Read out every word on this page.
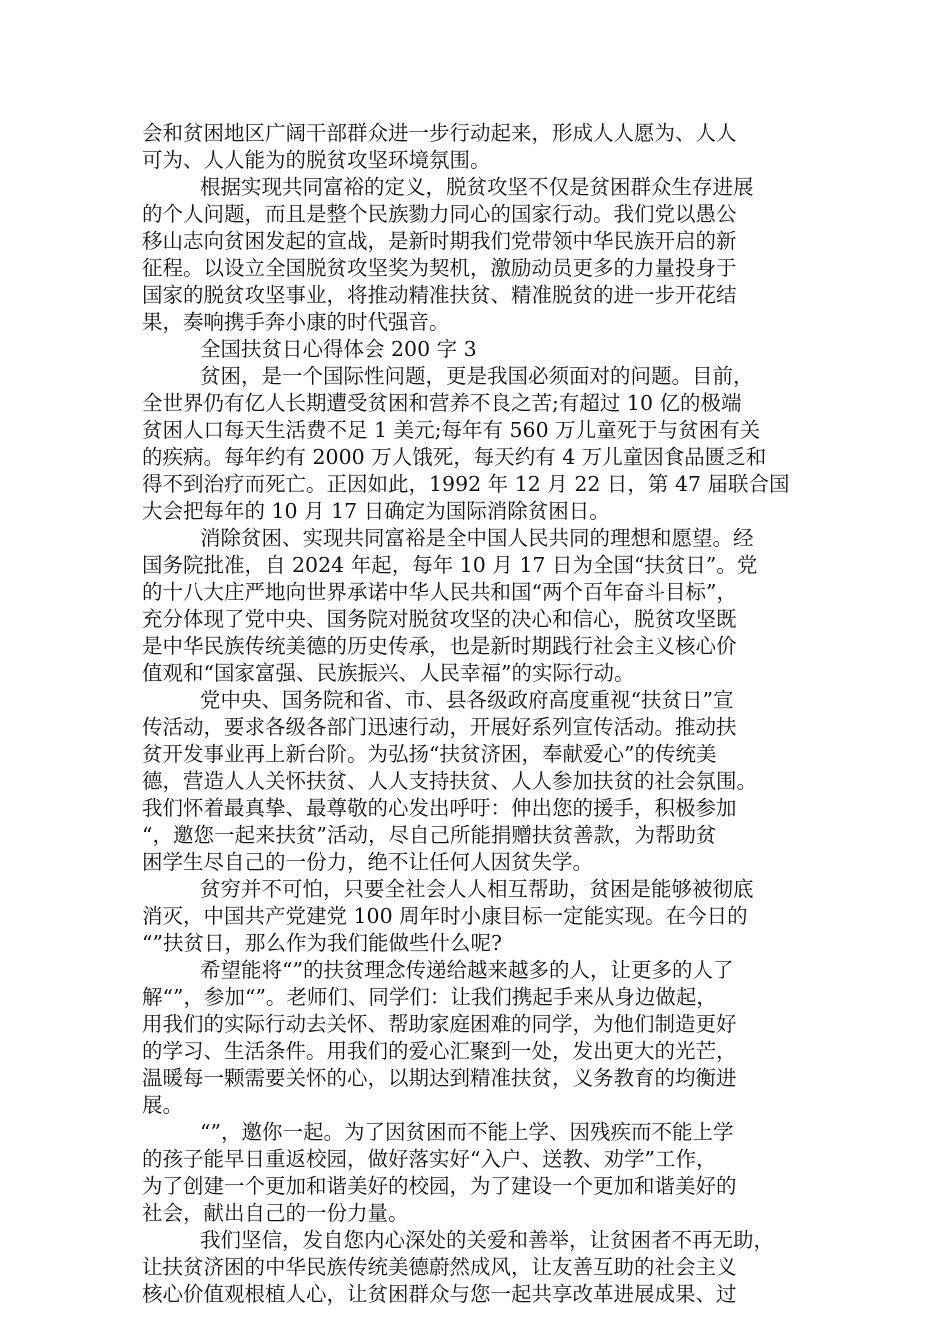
会和贫困地区广阔干部群众进一步行动起来，形成人人愿为、人人
可为、人人能为的脱贫攻坚环境氛围。
根据实现共同富裕的定义，脱贫攻坚不仅是贫困群众生存进展
的个人问题，而且是整个民族勠力同心的国家行动。我们党以愚公
移山志向贫困发起的宣战，是新时期我们党带领中华民族开启的新
征程。以设立全国脱贫攻坚奖为契机，激励动员更多的力量投身于
国家的脱贫攻坚事业，将推动精准扶贫、精准脱贫的进一步开花结
果，奏响携手奔小康的时代强音。
全国扶贫日心得体会 200 字 3
贫困，是一个国际性问题，更是我国必须面对的问题。目前，
全世界仍有亿人长期遭受贫困和营养不良之苦;有超过 10 亿的极端
贫困人口每天生活费不足 1 美元;每年有 560 万儿童死于与贫困有关
的疾病。每年约有 2000 万人饿死，每天约有 4 万儿童因食品匮乏和
得不到治疗而死亡。正因如此，1992 年 12 月 22 日，第 47 届联合国
大会把每年的 10 月 17 日确定为国际消除贫困日。
消除贫困、实现共同富裕是全中国人民共同的理想和愿望。经
国务院批准，自 2024 年起，每年 10 月 17 日为全国“扶贫日”。党
的十八大庄严地向世界承诺中华人民共和国“两个百年奋斗目标”，
充分体现了党中央、国务院对脱贫攻坚的决心和信心，脱贫攻坚既
是中华民族传统美德的历史传承，也是新时期践行社会主义核心价
值观和“国家富强、民族振兴、人民幸福”的实际行动。
党中央、国务院和省、市、县各级政府高度重视“扶贫日”宣
传活动，要求各级各部门迅速行动，开展好系列宣传活动。推动扶
贫开发事业再上新台阶。为弘扬“扶贫济困，奉献爱心”的传统美
德，营造人人关怀扶贫、人人支持扶贫、人人参加扶贫的社会氛围。
我们怀着最真挚、最尊敬的心发出呼吁：伸出您的援手，积极参加
“，邀您一起来扶贫”活动，尽自己所能捐赠扶贫善款，为帮助贫
困学生尽自己的一份力，绝不让任何人因贫失学。
贫穷并不可怕，只要全社会人人相互帮助，贫困是能够被彻底
消灭，中国共产党建党 100 周年时小康目标一定能实现。在今日的
“”扶贫日，那么作为我们能做些什么呢?
希望能将“”的扶贫理念传递给越来越多的人，让更多的人了
解“”，参加“”。老师们、同学们：让我们携起手来从身边做起，
用我们的实际行动去关怀、帮助家庭困难的同学，为他们制造更好
的学习、生活条件。用我们的爱心汇聚到一处，发出更大的光芒，
温暖每一颗需要关怀的心，以期达到精准扶贫，义务教育的均衡进
展。
“”，邀你一起。为了因贫困而不能上学、因残疾而不能上学
的孩子能早日重返校园，做好落实好“入户、送教、劝学”工作，
为了创建一个更加和谐美好的校园，为了建设一个更加和谐美好的
社会，献出自己的一份力量。
我们坚信，发自您内心深处的关爱和善举，让贫困者不再无助，
让扶贫济困的中华民族传统美德蔚然成风，让友善互助的社会主义
核心价值观根植人心，让贫困群众与您一起共享改革进展成果、过
